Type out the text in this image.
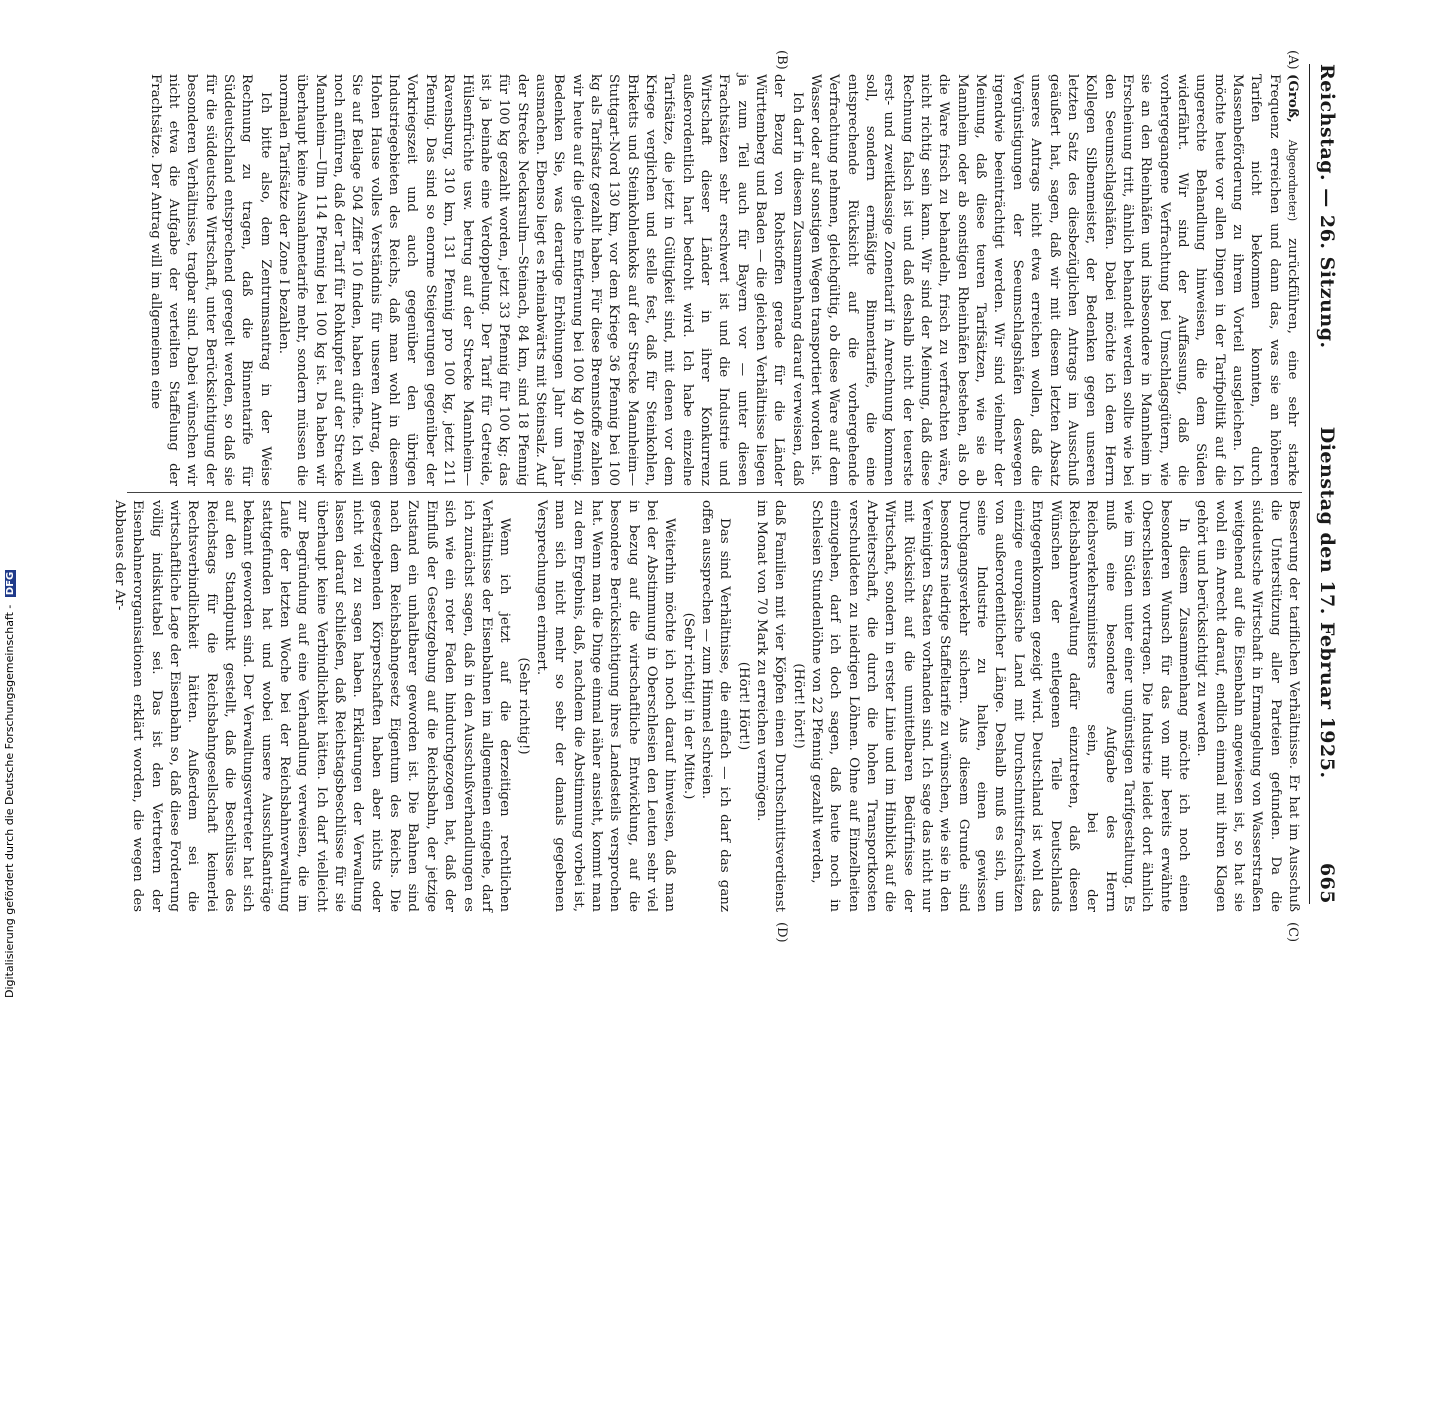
Reichstag. — 26. Sitzung.
Dienstag den 17. Februar 1925.  665
(A)
(B)
(C)
(D)

(Groß, Abgeordneter) zurückführen, eine sehr starke Frequenz erreichen und dann das, was sie an höheren Tarifen nicht bekommen konnten, durch Massenbeförderung zu ihrem Vorteil ausgleichen. Ich möchte heute vor allen Dingen in der Tarifpolitik auf die ungerechte Behandlung hinweisen, die dem Süden widerfährt. Wir sind der Auffassung, daß die vorhergegangene Verfrachtung bei Umschlagsgütern, wie sie an den Rheinhäfen und insbesondere in Mannheim in Erscheinung tritt, ähnlich behandelt werden sollte wie bei den Seeumschlagshäfen. Dabei möchte ich dem Herrn Kollegen Silbenmeister, der Bedenken gegen unseren letzten Satz des diesbezüglichen Antrags im Ausschuß geäußert hat, sagen, daß wir mit diesem letzten Absatz unseres Antrags nicht etwa erreichen wollen, daß die Vergünstigungen der Seeumschlagshäfen deswegen irgendwie beeinträchtigt werden. Wir sind vielmehr der Meinung, daß diese teuren Tarifsätzen, wie sie ab Mannheim oder ab sonstigen Rheinhäfen bestehen, als ob die Ware frisch zu behandeln, frisch zu verfrachten wäre, nicht richtig sein kann. Wir sind der Meinung, daß diese Rechnung falsch ist und daß deshalb nicht der teuerste erst- und zweitklassige Zonentarif in Anrechnung kommen soll, sondern ermäßigte Binnentarife, die eine entsprechende Rücksicht auf die vorhergehende Verfrachtung nehmen, gleichgültig, ob diese Ware auf dem Wasser oder auf sonstigen Wegen transportiert worden ist.

Ich darf in diesem Zusammenhang darauf verweisen, daß der Bezug von Rohstoffen gerade für die Länder Württemberg und Baden — die gleichen Verhältnisse liegen ja zum Teil auch für Bayern vor — unter diesen Frachtsätzen sehr erschwert ist und die Industrie und Wirtschaft dieser Länder in ihrer Konkurrenz außerordentlich hart bedroht wird. Ich habe einzelne Tarifsätze, die jetzt in Gültigkeit sind, mit denen vor dem Kriege verglichen und stelle fest, daß für Steinkohlen, Briketts und Steinkohlenkoks auf der Strecke Mannheim—Stuttgart-Nord 130 km, vor dem Kriege 36 Pfennig bei 100 kg als Tarifsatz gezahlt haben. Für diese Brennstoffe zahlen wir heute auf die gleiche Entfernung bei 100 kg 40 Pfennig. Bedenken Sie, was derartige Erhöhungen Jahr um Jahr ausmachen. Ebenso liegt es rheinabwärts mit Steinsalz. Auf der Strecke Neckarsulm—Steinach, 84 km, sind 18 Pfennig für 100 kg gezahlt worden, jetzt 33 Pfennig für 100 kg; das ist ja beinahe eine Verdoppelung. Der Tarif für Getreide, Hülsenfrüchte usw. betrug auf der Strecke Mannheim—Ravensburg, 310 km, 131 Pfennig pro 100 kg, jetzt 211 Pfennig. Das sind so enorme Steigerungen gegenüber der Vorkriegszeit und auch gegenüber den übrigen Industriegebieten des Reichs, daß man wohl in diesem Hohen Hause volles Verständnis für unseren Antrag, den Sie auf Beilage 504 Ziffer 10 finden, haben dürfte. Ich will noch anführen, daß der Tarif für Rohkupfer auf der Strecke Mannheim—Ulm 114 Pfennig bei 100 kg ist. Da haben wir überhaupt keine Ausnahmetarife mehr, sondern müssen die normalen Tarifsätze der Zone I bezahlen.

Ich bitte also, dem Zentrumsantrag in der Weise Rechnung zu tragen, daß die Binnentarife für Süddeutschland entsprechend geregelt werden, so daß sie für die süddeutsche Wirtschaft, unter Berücksichtigung der besonderen Verhältnisse, tragbar sind. Dabei wünschen wir nicht etwa die Aufgabe der verteilten Staffelung der Frachtsätze. Der Antrag will im allgemeinen eine

Besserung der tariflichen Verhältnisse. Er hat im Ausschuß die Unterstützung aller Parteien gefunden. Da die süddeutsche Wirtschaft in Ermangelung von Wasserstraßen weitgehend auf die Eisenbahn angewiesen ist, so hat sie wohl ein Anrecht darauf, endlich einmal mit ihren Klagen gehört und berücksichtigt zu werden.

In diesem Zusammenhang möchte ich noch einen besonderen Wunsch für das von mir bereits erwähnte Oberschlesien vortragen. Die Industrie leidet dort ähnlich wie im Süden unter einer ungünstigen Tarifgestaltung. Es muß eine besondere Aufgabe des Herrn Reichsverkehrsministers sein, bei der Reichsbahnverwaltung dafür einzutreten, daß diesen Wünschen der entlegenen Teile Deutschlands Entgegenkommen gezeigt wird. Deutschland ist wohl das einzige europäische Land mit Durchschnittsfrachtsätzen von außerordentlicher Länge. Deshalb muß es sich, um seine Industrie zu halten, einen gewissen Durchgangsverkehr sichern. Aus diesem Grunde sind besonders niedrige Staffeltarife zu wünschen, wie sie in den Vereinigten Staaten vorhanden sind. Ich sage das nicht nur mit Rücksicht auf die unmittelbaren Bedürfnisse der Wirtschaft, sondern in erster Linie und im Hinblick auf die Arbeiterschaft, die durch die hohen Transportkosten verschuldeten zu niedrigen Löhnen. Ohne auf Einzelheiten einzugehen, darf ich doch sagen, daß heute noch in Schlesien Stundenlöhne von 22 Pfennig gezahlt werden,

(Hört! hört!)

daß Familien mit vier Köpfen einen Durchschnittsverdienst im Monat von 70 Mark zu erreichen vermögen.

(Hört! Hört!)

Das sind Verhältnisse, die einfach — ich darf das ganz offen aussprechen — zum Himmel schreien.

(Sehr richtig! in der Mitte.)

Weiterhin möchte ich noch darauf hinweisen, daß man bei der Abstimmung in Oberschlesien den Leuten sehr viel in bezug auf die wirtschaftliche Entwicklung, auf die besondere Berücksichtigung ihres Landesteils versprochen hat. Wenn man die Dinge einmal näher ansieht, kommt man zu dem Ergebnis, daß, nachdem die Abstimmung vorbei ist, man sich nicht mehr so sehr der damals gegebenen Versprechungen erinnert.

(Sehr richtig!)

Wenn ich jetzt auf die derzeitigen rechtlichen Verhältnisse der Eisenbahnen im allgemeinen eingehe, darf ich zunächst sagen, daß in den Ausschußverhandlungen es sich wie ein roter Faden hindurchgezogen hat, daß der Einfluß der Gesetzgebung auf die Reichsbahn, der jetzige Zustand ein unhaltbarer geworden ist. Die Bahnen sind nach dem Reichsbahngesetz Eigentum des Reichs. Die gesetzgebenden Körperschaften haben aber nichts oder nicht viel zu sagen haben. Erklärungen der Verwaltung lassen darauf schließen, daß Reichstagsbeschlüsse für sie überhaupt keine Verbindlichkeit hätten. Ich darf vielleicht zur Begründung auf eine Verhandlung verweisen, die im Laufe der letzten Woche bei der Reichsbahnverwaltung stattgefunden hat und wobei unsere Ausschußanträge bekannt geworden sind. Der Verwaltungsvertreter hat sich auf den Standpunkt gestellt, daß die Beschlüsse des Reichstags für die Reichsbahngesellschaft keinerlei Rechtsverbindlichkeit hätten. Außerdem sei die wirtschaftliche Lage der Eisenbahn so, daß diese Forderung völlig indiskutabel sei. Das ist den Vertretern der Eisenbahnerorganisationen erklärt worden, die wegen des Abbaues der Ar-

Digitalisierung gefördert durch die Deutsche Forschungsgemeinschaft - DFG
